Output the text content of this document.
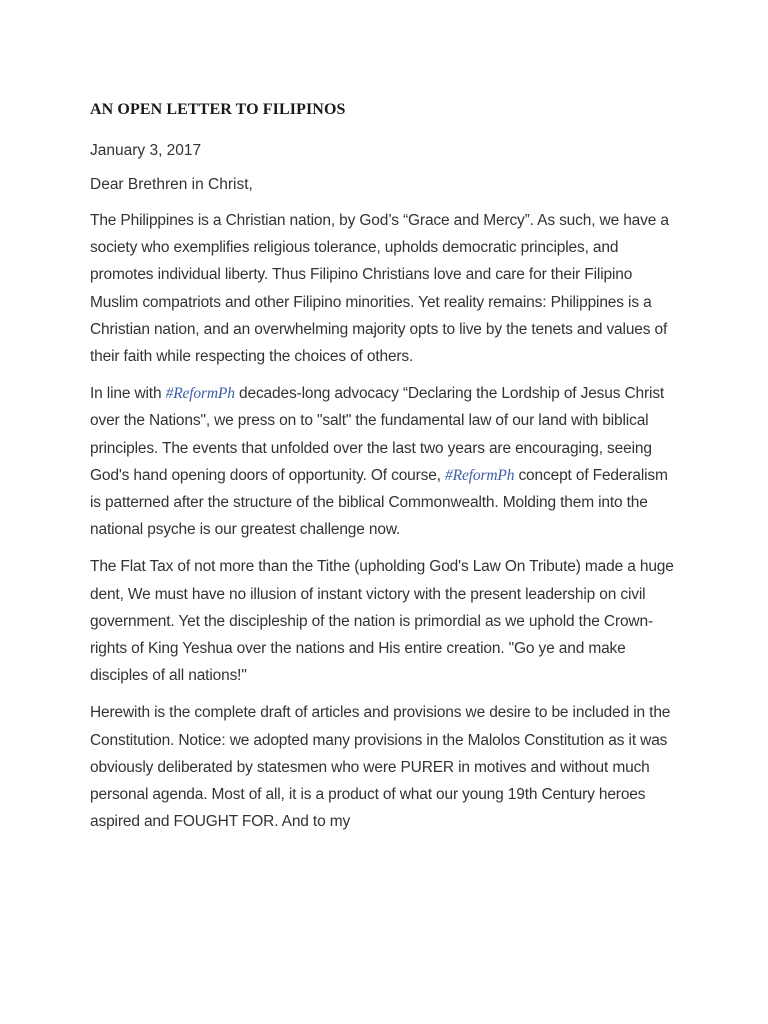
AN OPEN LETTER TO FILIPINOS
January 3, 2017
Dear Brethren in Christ,

The Philippines is a Christian nation, by God’s “Grace and Mercy”. As such, we have a society who exemplifies religious tolerance, upholds democratic principles, and promotes individual liberty. Thus Filipino Christians love and care for their Filipino Muslim compatriots and other Filipino minorities. Yet reality remains: Philippines is a Christian nation, and an overwhelming majority opts to live by the tenets and values of their faith while respecting the choices of others.

In line with #ReformPh decades-long advocacy “Declaring the Lordship of Jesus Christ over the Nations", we press on to "salt" the fundamental law of our land with biblical principles. The events that unfolded over the last two years are encouraging, seeing God's hand opening doors of opportunity. Of course, #ReformPh concept of Federalism is patterned after the structure of the biblical Commonwealth. Molding them into the national psyche is our greatest challenge now.

The Flat Tax of not more than the Tithe (upholding God's Law On Tribute) made a huge dent, We must have no illusion of instant victory with the present leadership on civil government. Yet the discipleship of the nation is primordial as we uphold the Crown-rights of King Yeshua over the nations and His entire creation. "Go ye and make disciples of all nations!"

Herewith is the complete draft of articles and provisions we desire to be included in the Constitution. Notice: we adopted many provisions in the Malolos Constitution as it was obviously deliberated by statesmen who were PURER in motives and without much personal agenda. Most of all, it is a product of what our young 19th Century heroes aspired and FOUGHT FOR. And to my
